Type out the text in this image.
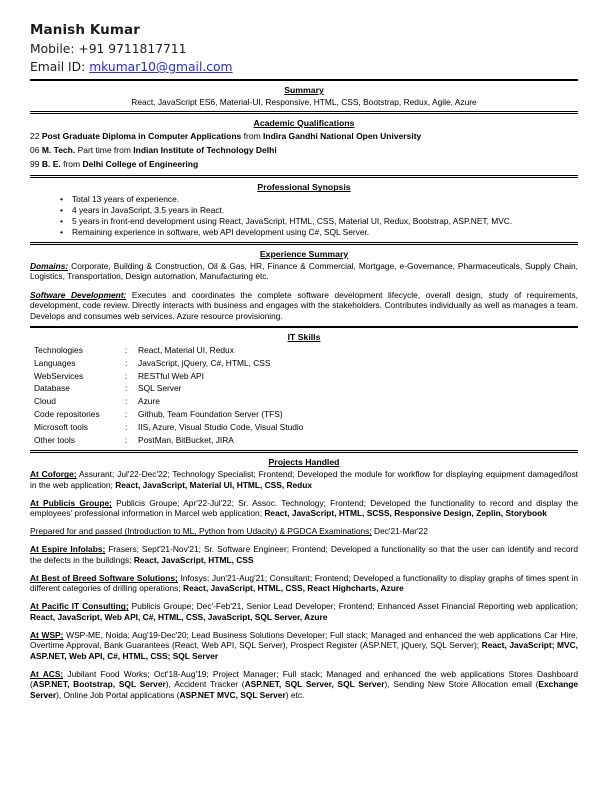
Manish Kumar
Mobile: +91 9711817711
Email ID: mkumar10@gmail.com
Summary
React, JavaScript ES6, Material-UI, Responsive, HTML, CSS, Bootstrap, Redux, Agile, Azure
Academic Qualifications
22 Post Graduate Diploma in Computer Applications from Indira Gandhi National Open University
06 M. Tech. Part time from Indian Institute of Technology Delhi
99 B. E. from Delhi College of Engineering
Professional Synopsis
• Total 13 years of experience.
• 4 years in JavaScript, 3.5 years in React.
• 5 years in front-end development using React, JavaScript, HTML, CSS, Material UI, Redux, Bootstrap, ASP.NET, MVC.
• Remaining experience in software, web API development using C#, SQL Server.
Experience Summary
Domains: Corporate, Building & Construction, Oil & Gas, HR, Finance & Commercial, Mortgage, e-Governance, Pharmaceuticals, Supply Chain, Logistics, Transportation, Design automation, Manufacturing etc.
Software Development: Executes and coordinates the complete software development lifecycle, overall design, study of requirements, development, code review. Directly interacts with business and engages with the stakeholders. Contributes individually as well as manages a team. Develops and consumes web services. Azure resource provisioning.
IT Skills
Technologies	:	React, Material UI, Redux
Languages	:	JavaScript, jQuery, C#, HTML, CSS
WebServices	:	RESTful Web API
Database	:	SQL Server
Cloud	:	Azure
Code repositories	:	Github, Team Foundation Server (TFS)
Microsoft tools	:	IIS, Azure, Visual Studio Code, Visual Studio
Other tools	:	PostMan, BitBucket, JIRA
Projects Handled
At Coforge; Assurant; Jul'22-Dec'22; Technology Specialist; Frontend; Developed the module for workflow for displaying equipment damaged/lost in the web application; React, JavaScript, Material UI, HTML, CSS, Redux
At Publicis Groupe; Publicis Groupe; Apr'22-Jul'22; Sr. Assoc. Technology; Frontend; Developed the functionality to record and display the employees' professional information in Marcel web application; React, JavaScript, HTML, SCSS, Responsive Design, Zeplin, Storybook
Prepared for and passed (Introduction to ML, Python from Udacity) & PGDCA Examinations; Dec'21-Mar'22
At Espire Infolabs; Frasers; Sept'21-Nov'21; Sr. Software Engineer; Frontend; Developed a functionality so that the user can identify and record the defects in the buildings; React, JavaScript, HTML, CSS
At Best of Breed Software Solutions; Infosys; Jun'21-Aug'21; Consultant; Frontend; Developed a functionality to display graphs of times spent in different categories of drilling operations; React, JavaScript, HTML, CSS, React Highcharts, Azure
At Pacific IT Consulting; Publicis Groupe; Dec'-Feb'21, Senior Lead Developer; Frontend; Enhanced Asset Financial Reporting web application; React, JavaScript, Web API, C#, HTML, CSS, JavaScript, SQL Server, Azure
At WSP; WSP-ME, Noida; Aug'19-Dec'20; Lead Business Solutions Developer; Full stack; Managed and enhanced the web applications Car Hire, Overtime Approval, Bank Guarantees (React, Web API, SQL Server), Prospect Register (ASP.NET, jQuery, SQL Server); React, JavaScript; MVC, ASP.NET, Web API, C#, HTML, CSS; SQL Server
At ACS; Jubilant Food Works; Oct'18-Aug'19; Project Manager; Full stack; Managed and enhanced the web applications Stores Dashboard (ASP.NET, Bootstrap, SQL Server), Accident Tracker (ASP.NET, SQL Server, SQL Server), Sending New Store Allocation email (Exchange Server), Online Job Portal applications (ASP.NET MVC, SQL Server) etc.
